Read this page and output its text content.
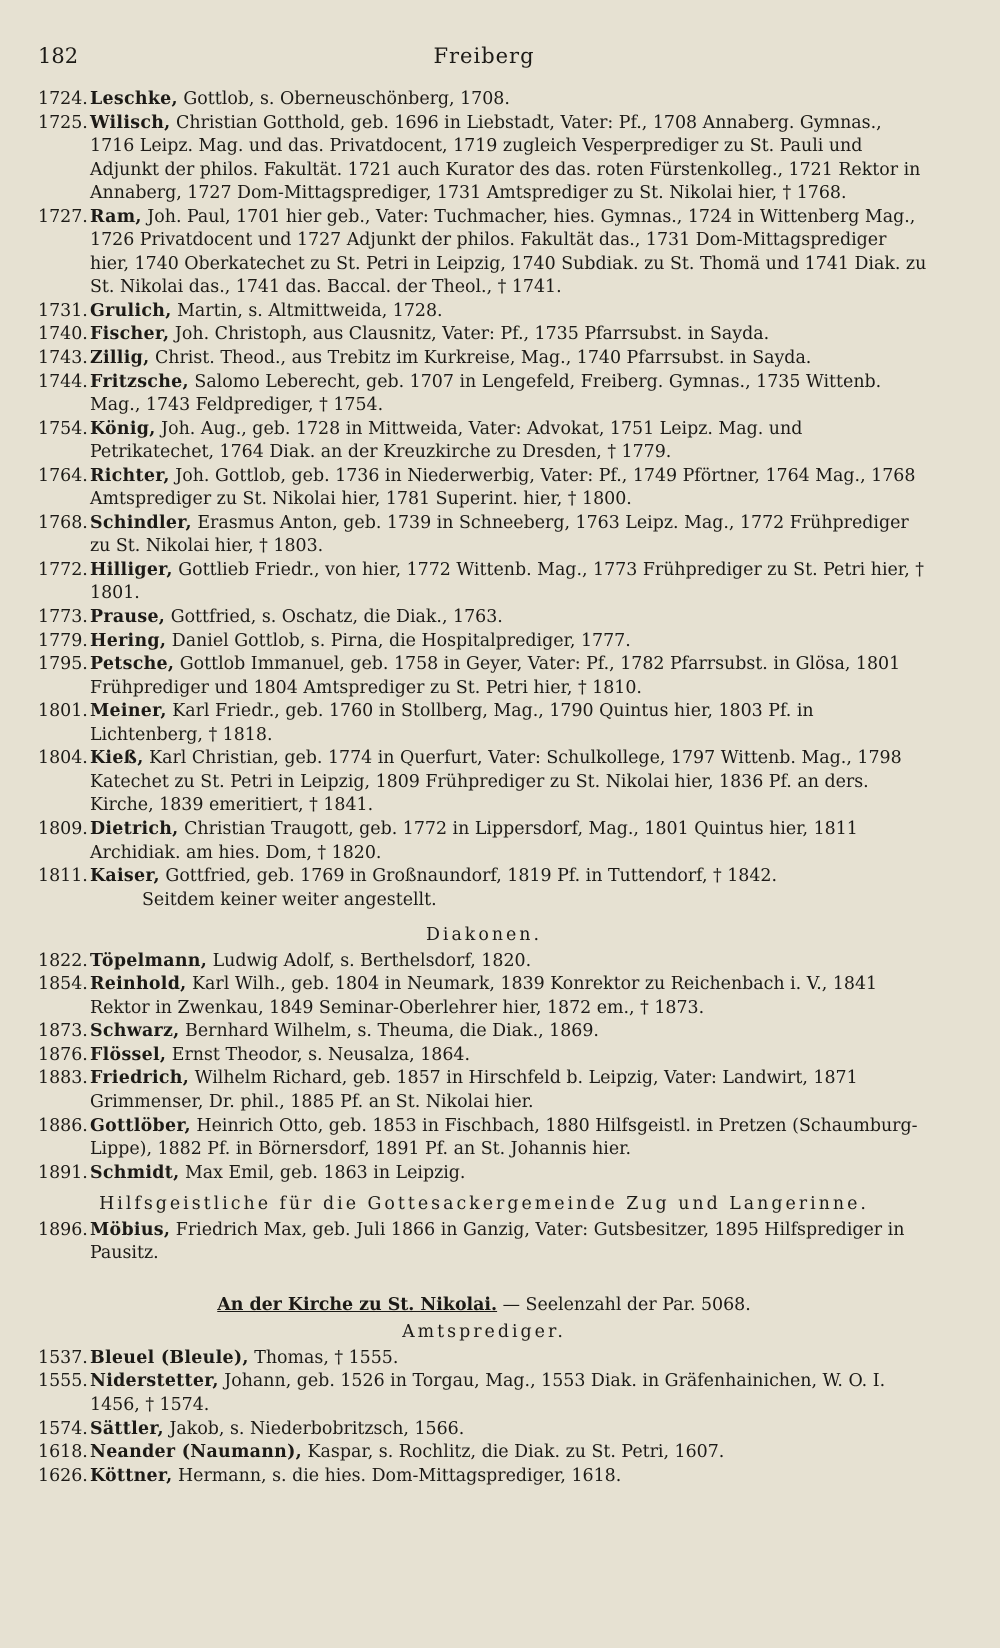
182	Freiberg
1724. Leschke, Gottlob, s. Oberneuschönberg, 1708.
1725. Wilisch, Christian Gotthold, geb. 1696 in Liebstadt, Vater: Pf., 1708 Annaberg. Gymnas., 1716 Leipz. Mag. und das. Privatdocent, 1719 zugleich Vesperprediger zu St. Pauli und Adjunkt der philos. Fakultät. 1721 auch Kurator des das. roten Fürstenkolleg., 1721 Rektor in Annaberg, 1727 Dom-Mittagsprediger, 1731 Amtsprediger zu St. Nikolai hier, † 1768.
1727. Ram, Joh. Paul, 1701 hier geb., Vater: Tuchmacher, hies. Gymnas., 1724 in Wittenberg Mag., 1726 Privatdocent und 1727 Adjunkt der philos. Fakultät das., 1731 Dom-Mittagsprediger hier, 1740 Oberkatechet zu St. Petri in Leipzig, 1740 Subdiak. zu St. Thomä und 1741 Diak. zu St. Nikolai das., 1741 das. Baccal. der Theol., † 1741.
1731. Grulich, Martin, s. Altmittweida, 1728.
1740. Fischer, Joh. Christoph, aus Clausnitz, Vater: Pf., 1735 Pfarrsubst. in Sayda.
1743. Zillig, Christ. Theod., aus Trebitz im Kurkreise, Mag., 1740 Pfarrsubst. in Sayda.
1744. Fritzsche, Salomo Leberecht, geb. 1707 in Lengefeld, Freiberg. Gymnas., 1735 Wittenb. Mag., 1743 Feldprediger, † 1754.
1754. König, Joh. Aug., geb. 1728 in Mittweida, Vater: Advokat, 1751 Leipz. Mag. und Petrikatechet, 1764 Diak. an der Kreuzkirche zu Dresden, † 1779.
1764. Richter, Joh. Gottlob, geb. 1736 in Niederwerbig, Vater: Pf., 1749 Pförtner, 1764 Mag., 1768 Amtsprediger zu St. Nikolai hier, 1781 Superint. hier, † 1800.
1768. Schindler, Erasmus Anton, geb. 1739 in Schneeberg, 1763 Leipz. Mag., 1772 Frühprediger zu St. Nikolai hier, † 1803.
1772. Hilliger, Gottlieb Friedr., von hier, 1772 Wittenb. Mag., 1773 Frühprediger zu St. Petri hier, † 1801.
1773. Prause, Gottfried, s. Oschatz, die Diak., 1763.
1779. Hering, Daniel Gottlob, s. Pirna, die Hospitalprediger, 1777.
1795. Petsche, Gottlob Immanuel, geb. 1758 in Geyer, Vater: Pf., 1782 Pfarrsubst. in Glösa, 1801 Frühprediger und 1804 Amtsprediger zu St. Petri hier, † 1810.
1801. Meiner, Karl Friedr., geb. 1760 in Stollberg, Mag., 1790 Quintus hier, 1803 Pf. in Lichtenberg, † 1818.
1804. Kieß, Karl Christian, geb. 1774 in Querfurt, Vater: Schulkollege, 1797 Wittenb. Mag., 1798 Katechet zu St. Petri in Leipzig, 1809 Frühprediger zu St. Nikolai hier, 1836 Pf. an ders. Kirche, 1839 emeritiert, † 1841.
1809. Dietrich, Christian Traugott, geb. 1772 in Lippersdorf, Mag., 1801 Quintus hier, 1811 Archidiak. am hies. Dom, † 1820.
1811. Kaiser, Gottfried, geb. 1769 in Großnaundorf, 1819 Pf. in Tuttendorf, † 1842.
Seitdem keiner weiter angestellt.
Diakonen.
1822. Töpelmann, Ludwig Adolf, s. Berthelsdorf, 1820.
1854. Reinhold, Karl Wilh., geb. 1804 in Neumark, 1839 Konrektor zu Reichenbach i. V., 1841 Rektor in Zwenkau, 1849 Seminar-Oberlehrer hier, 1872 em., † 1873.
1873. Schwarz, Bernhard Wilhelm, s. Theuma, die Diak., 1869.
1876. Flössel, Ernst Theodor, s. Neusalza, 1864.
1883. Friedrich, Wilhelm Richard, geb. 1857 in Hirschfeld b. Leipzig, Vater: Landwirt, 1871 Grimmenser, Dr. phil., 1885 Pf. an St. Nikolai hier.
1886. Gottlöber, Heinrich Otto, geb. 1853 in Fischbach, 1880 Hilfsgeistl. in Pretzen (Schaumburg-Lippe), 1882 Pf. in Börnersdorf, 1891 Pf. an St. Johannis hier.
1891. Schmidt, Max Emil, geb. 1863 in Leipzig.
Hilfsgeistliche für die Gottesackergemeinde Zug und Langerinne.
1896. Möbius, Friedrich Max, geb. Juli 1866 in Ganzig, Vater: Gutsbesitzer, 1895 Hilfsprediger in Pausitz.
An der Kirche zu St. Nikolai. — Seelenzahl der Par. 5068.
Amtsprediger.
1537. Bleuel (Bleule), Thomas, † 1555.
1555. Niderstetter, Johann, geb. 1526 in Torgau, Mag., 1553 Diak. in Gräfenhainichen, W. O. I. 1456, † 1574.
1574. Sättler, Jakob, s. Niederbobritzsch, 1566.
1618. Neander (Naumann), Kaspar, s. Rochlitz, die Diak. zu St. Petri, 1607.
1626. Köttner, Hermann, s. die hies. Dom-Mittagsprediger, 1618.
